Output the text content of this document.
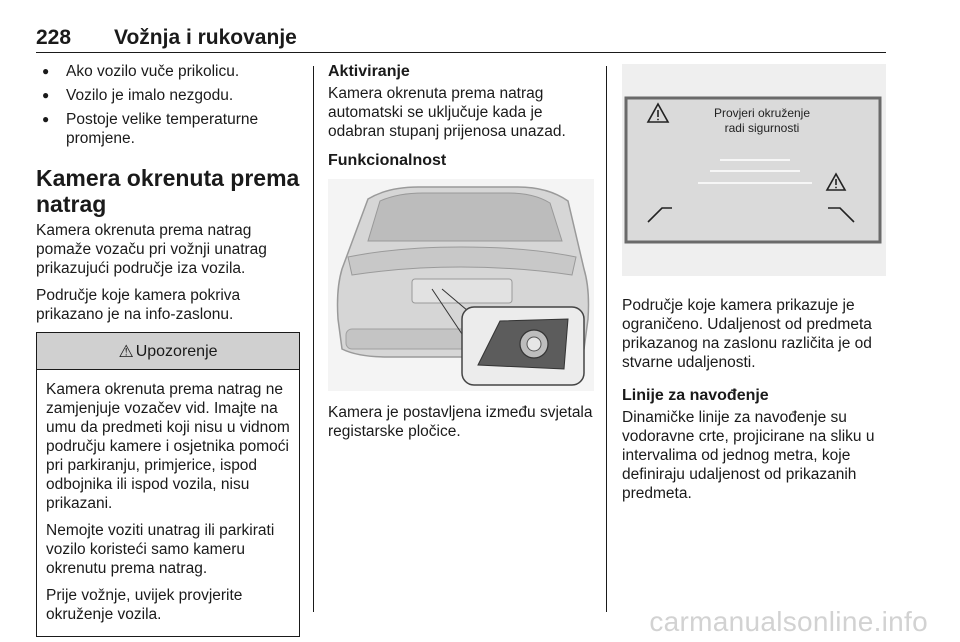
228 Vožnja i rukovanje
● Ako vozilo vuče prikolicu.
● Vozilo je imalo nezgodu.
● Postoje velike temperaturne promjene.
Kamera okrenuta prema natrag

Kamera okrenuta prema natrag pomaže vozaču pri vožnji unatrag prikazujući područje iza vozila.

Područje koje kamera pokriva prikazano je na info-zaslonu.

⚠ Upozorenje

Kamera okrenuta prema natrag ne zamjenjuje vozačev vid. Imajte na umu da predmeti koji nisu u vidnom području kamere i osjetnika pomoći pri parkiranju, primjerice, ispod odbojnika ili ispod vozila, nisu prikazani.

Nemojte voziti unatrag ili parkirati vozilo koristeći samo kameru okrenutu prema natrag.

Prije vožnje, uvijek provjerite okruženje vozila.

Aktiviranje

Kamera okrenuta prema natrag automatski se uključuje kada je odabran stupanj prijenosa unazad.

Funkcionalnost

Kamera je postavljena između svjetala registarske pločice.

Provjeri okruženje
radi sigurnosti

Područje koje kamera prikazuje je ograničeno. Udaljenost od predmeta prikazanog na zaslonu različita je od stvarne udaljenosti.

Linije za navođenje

Dinamičke linije za navođenje su vodoravne crte, projicirane na sliku u intervalima od jednog metra, koje definiraju udaljenost od prikazanih predmeta.

carmanualsonline.info
